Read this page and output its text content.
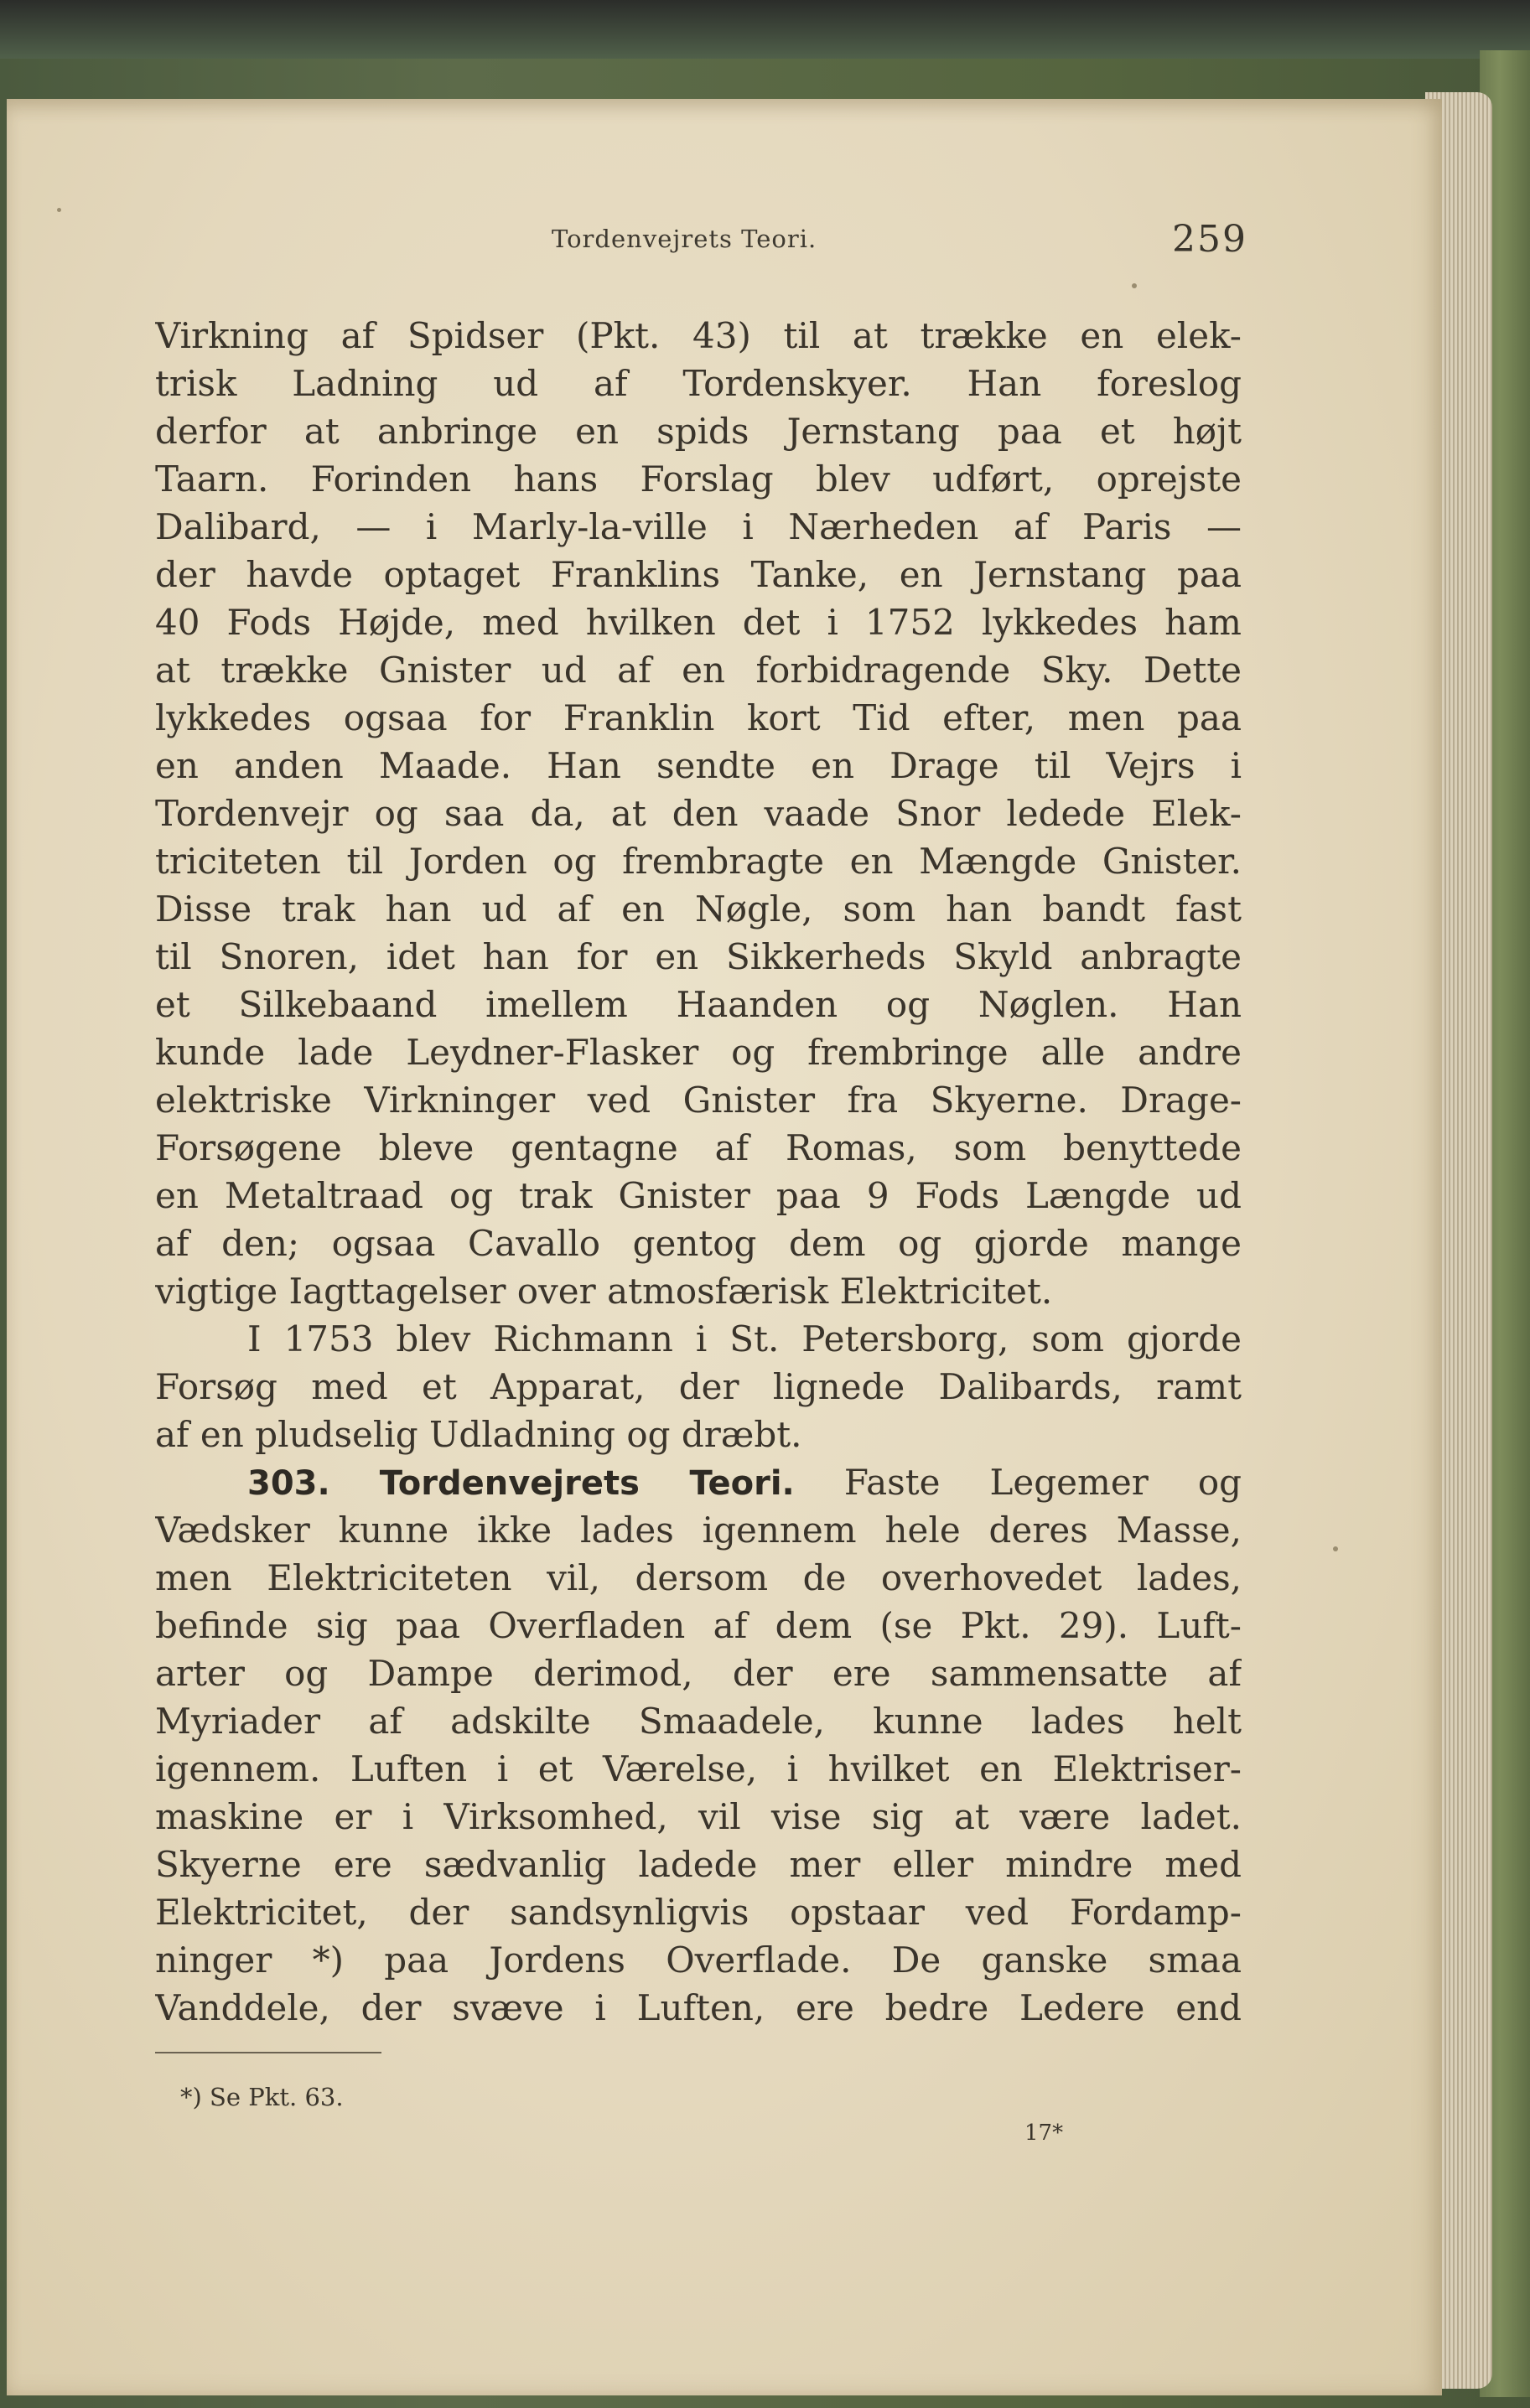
Tordenvejrets Teori.	259
Virkning af Spidser (Pkt. 43) til at trække en elek-
trisk Ladning ud af Tordenskyer. Han foreslog
derfor at anbringe en spids Jernstang paa et højt
Taarn. Forinden hans Forslag blev udført, oprejste
Dalibard, — i Marly-la-ville i Nærheden af Paris —
der havde optaget Franklins Tanke, en Jernstang paa
40 Fods Højde, med hvilken det i 1752 lykkedes ham
at trække Gnister ud af en forbidragende Sky. Dette
lykkedes ogsaa for Franklin kort Tid efter, men paa
en anden Maade. Han sendte en Drage til Vejrs i
Tordenvejr og saa da, at den vaade Snor ledede Elek-
triciteten til Jorden og frembragte en Mængde Gnister.
Disse trak han ud af en Nøgle, som han bandt fast
til Snoren, idet han for en Sikkerheds Skyld anbragte
et Silkebaand imellem Haanden og Nøglen. Han
kunde lade Leydner-Flasker og frembringe alle andre
elektriske Virkninger ved Gnister fra Skyerne. Drage-
Forsøgene bleve gentagne af Romas, som benyttede
en Metaltraad og trak Gnister paa 9 Fods Længde ud
af den; ogsaa Cavallo gentog dem og gjorde mange
vigtige Iagttagelser over atmosfærisk Elektricitet.
I 1753 blev Richmann i St. Petersborg, som gjorde
Forsøg med et Apparat, der lignede Dalibards, ramt
af en pludselig Udladning og dræbt.
303. Tordenvejrets Teori. Faste Legemer og
Vædsker kunne ikke lades igennem hele deres Masse,
men Elektriciteten vil, dersom de overhovedet lades,
befinde sig paa Overfladen af dem (se Pkt. 29). Luft-
arter og Dampe derimod, der ere sammensatte af
Myriader af adskilte Smaadele, kunne lades helt
igennem. Luften i et Værelse, i hvilket en Elektriser-
maskine er i Virksomhed, vil vise sig at være ladet.
Skyerne ere sædvanlig ladede mer eller mindre med
Elektricitet, der sandsynligvis opstaar ved Fordamp-
ninger *) paa Jordens Overflade. De ganske smaa
Vanddele, der svæve i Luften, ere bedre Ledere end
*) Se Pkt. 63.
17*
